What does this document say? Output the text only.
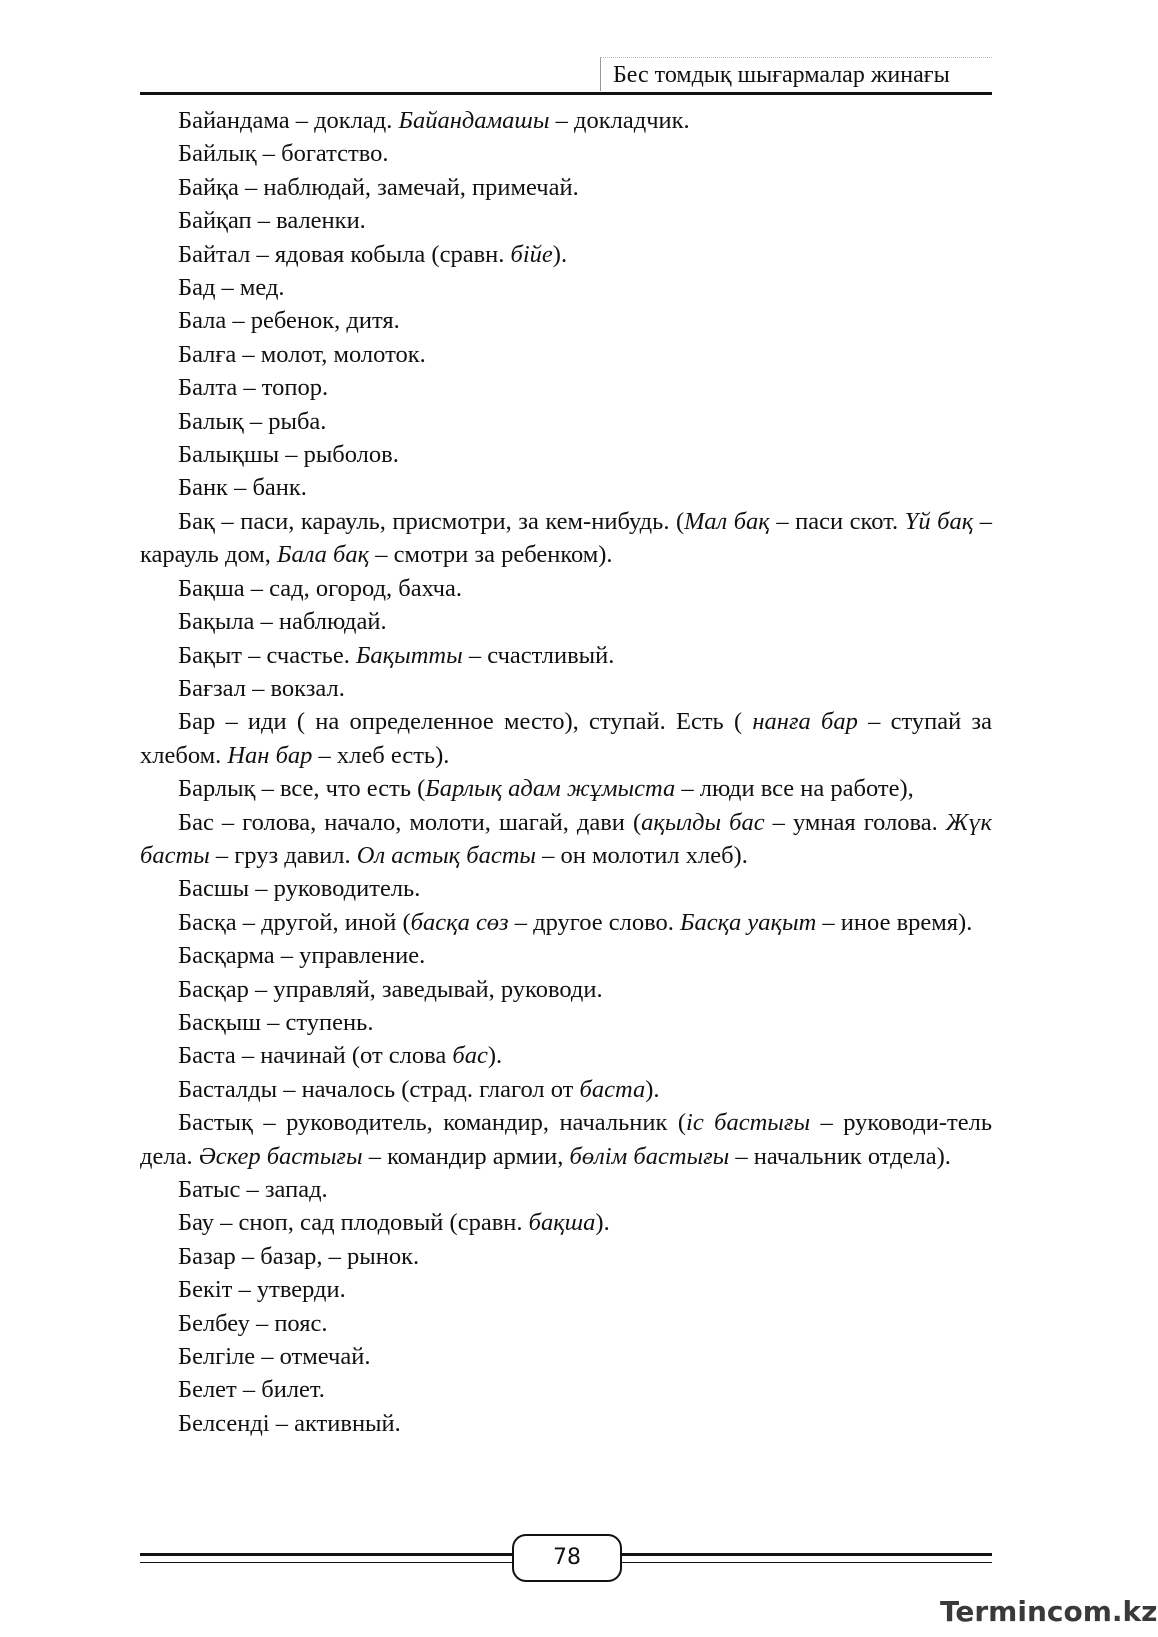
Бес томдық шығармалар жинағы

Байандама – доклад. Байандамашы – докладчик.

Байлық – богатство.

Байқа – наблюдай, замечай, примечай.

Байқап – валенки.

Байтал – ядовая кобыла (сравн. бійе).

Бад – мед.

Бала – ребенок, дитя.

Балға – молот, молоток.

Балта – топор.

Балық – рыба.

Балықшы – рыболов.

Банк – банк.

Бақ – паси, карауль, присмотри, за кем-нибудь. (Мал бақ – паси скот. Үй бақ – карауль дом, Бала бақ – смотри за ребенком).

Бақша – сад, огород, бахча.

Бақыла – наблюдай.

Бақыт – счастье. Бақытты – счастливый.

Бағзал – вокзал.

Бар – иди ( на определенное место), ступай. Есть ( нанға бар – ступай за хлебом. Нан бар – хлеб есть).

Барлық – все, что есть (Барлық адам жұмыста – люди все на работе),

Бас – голова, начало, молоти, шагай, дави (ақылды бас – умная голова. Жүк басты – груз давил. Ол астық басты – он молотил хлеб).

Басшы – руководитель.

Басқа – другой, иной (басқа сөз – другое слово. Басқа уақыт – иное время).

Басқарма – управление.

Басқар – управляй, заведывай, руководи.

Басқыш – ступень.

Баста – начинай (от слова бас).

Басталды – началось (страд. глагол от баста).

Бастық – руководитель, командир, начальник (іс бастығы – руководи-тель дела. Әскер бастығы – командир армии, бөлім бастығы – начальник отдела).

Батыс – запад.

Бау – сноп, сад плодовый (сравн. бақша).

Базар – базар, – рынок.

Бекіт – утверди.

Белбеу – пояс.

Белгіле – отмечай.

Белет – билет.

Белсенді – активный.

78
Termincom.kz
